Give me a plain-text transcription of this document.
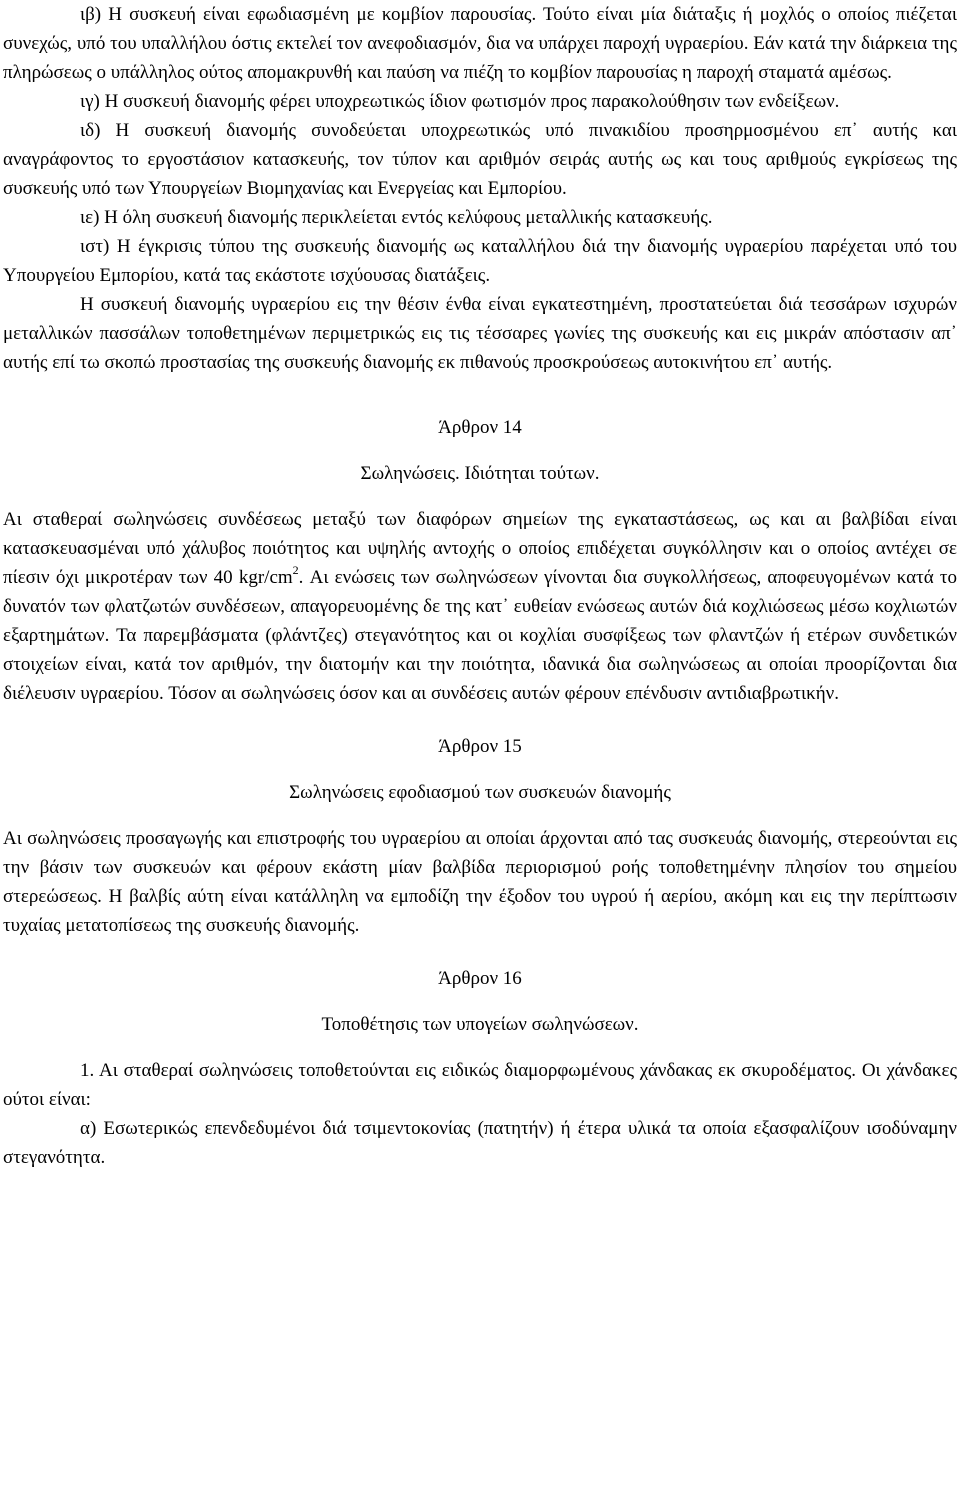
ιβ) Η συσκευή είναι εφωδιασμένη με κομβίον παρουσίας. Τούτο είναι μία διάταξις ή μοχλός ο οποίος πιέζεται συνεχώς, υπό του υπαλλήλου όστις εκτελεί τον ανεφοδιασμόν, δια να υπάρχει παροχή υγραερίου. Εάν κατά την διάρκεια της πληρώσεως ο υπάλληλος ούτος απομακρυνθή και παύση να πιέζη το κομβίον παρουσίας η παροχή σταματά αμέσως.

ιγ) Η συσκευή διανομής φέρει υποχρεωτικώς ίδιον φωτισμόν προς παρακολούθησιν των ενδείξεων.

ιδ) Η συσκευή διανομής συνοδεύεται υποχρεωτικώς υπό πινακιδίου προσηρμοσμένου επ᾽ αυτής και αναγράφοντος το εργοστάσιον κατασκευής, τον τύπον και αριθμόν σειράς αυτής ως και τους αριθμούς εγκρίσεως της συσκευής υπό των Υπουργείων Βιομηχανίας και Ενεργείας και Εμπορίου.

ιε) Η όλη συσκευή διανομής περικλείεται εντός κελύφους μεταλλικής κατασκευής.

ιστ) Η έγκρισις τύπου της συσκευής διανομής ως καταλλήλου διά την διανομής υγραερίου παρέχεται υπό του Υπουργείου Εμπορίου, κατά τας εκάστοτε ισχύουσας διατάξεις.

Η συσκευή διανομής υγραερίου εις την θέσιν ένθα είναι εγκατεστημένη, προστατεύεται διά τεσσάρων ισχυρών μεταλλικών πασσάλων τοποθετημένων περιμετρικώς εις τις τέσσαρες γωνίες της συσκευής και εις μικράν απόστασιν απ᾽ αυτής επί τω σκοπώ προστασίας της συσκευής διανομής εκ πιθανούς προσκρούσεως αυτοκινήτου επ᾽ αυτής.

Άρθρον 14

Σωληνώσεις. Ιδιότηται τούτων.

Αι σταθεραί σωληνώσεις συνδέσεως μεταξύ των διαφόρων σημείων της εγκαταστάσεως, ως και αι βαλβίδαι είναι κατασκευασμέναι υπό χάλυβος ποιότητος και υψηλής αντοχής ο οποίος επιδέχεται συγκόλλησιν και ο οποίος αντέχει σε πίεσιν όχι μικροτέραν των 40 kgr/$cm^2$. Αι ενώσεις των σωληνώσεων γίνονται δια συγκολλήσεως, αποφευγομένων κατά το δυνατόν των φλατζωτών συνδέσεων, απαγορευομένης δε της κατ᾽ ευθείαν ενώσεως αυτών διά κοχλιώσεως μέσω κοχλιωτών εξαρτημάτων. Τα παρεμβάσματα (φλάντζες) στεγανότητος και οι κοχλίαι συσφίξεως των φλαντζών ή ετέρων συνδετικών στοιχείων είναι, κατά τον αριθμόν, την διατομήν και την ποιότητα, ιδανικά δια σωληνώσεως αι οποίαι προορίζονται δια διέλευσιν υγραερίου. Τόσον αι σωληνώσεις όσον και αι συνδέσεις αυτών φέρουν επένδυσιν αντιδιαβρωτικήν.

Άρθρον 15

Σωληνώσεις εφοδιασμού των συσκευών διανομής

Αι σωληνώσεις προσαγωγής και επιστροφής του υγραερίου αι οποίαι άρχονται από τας συσκευάς διανομής, στερεούνται εις την βάσιν των συσκευών και φέρουν εκάστη μίαν βαλβίδα περιορισμού ροής τοποθετημένην πλησίον του σημείου στερεώσεως. Η βαλβίς αύτη είναι κατάλληλη να εμποδίζη την έξοδον του υγρού ή αερίου, ακόμη και εις την περίπτωσιν τυχαίας μετατοπίσεως της συσκευής διανομής.

Άρθρον 16

Τοποθέτησις των υπογείων σωληνώσεων.

1. Αι σταθεραί σωληνώσεις τοποθετούνται εις ειδικώς διαμορφωμένους χάνδακας εκ σκυροδέματος. Οι χάνδακες ούτοι είναι:

α) Εσωτερικώς επενδεδυμένοι διά τσιμεντοκονίας (πατητήν) ή έτερα υλικά τα οποία εξασφαλίζουν ισοδύναμην στεγανότητα.
